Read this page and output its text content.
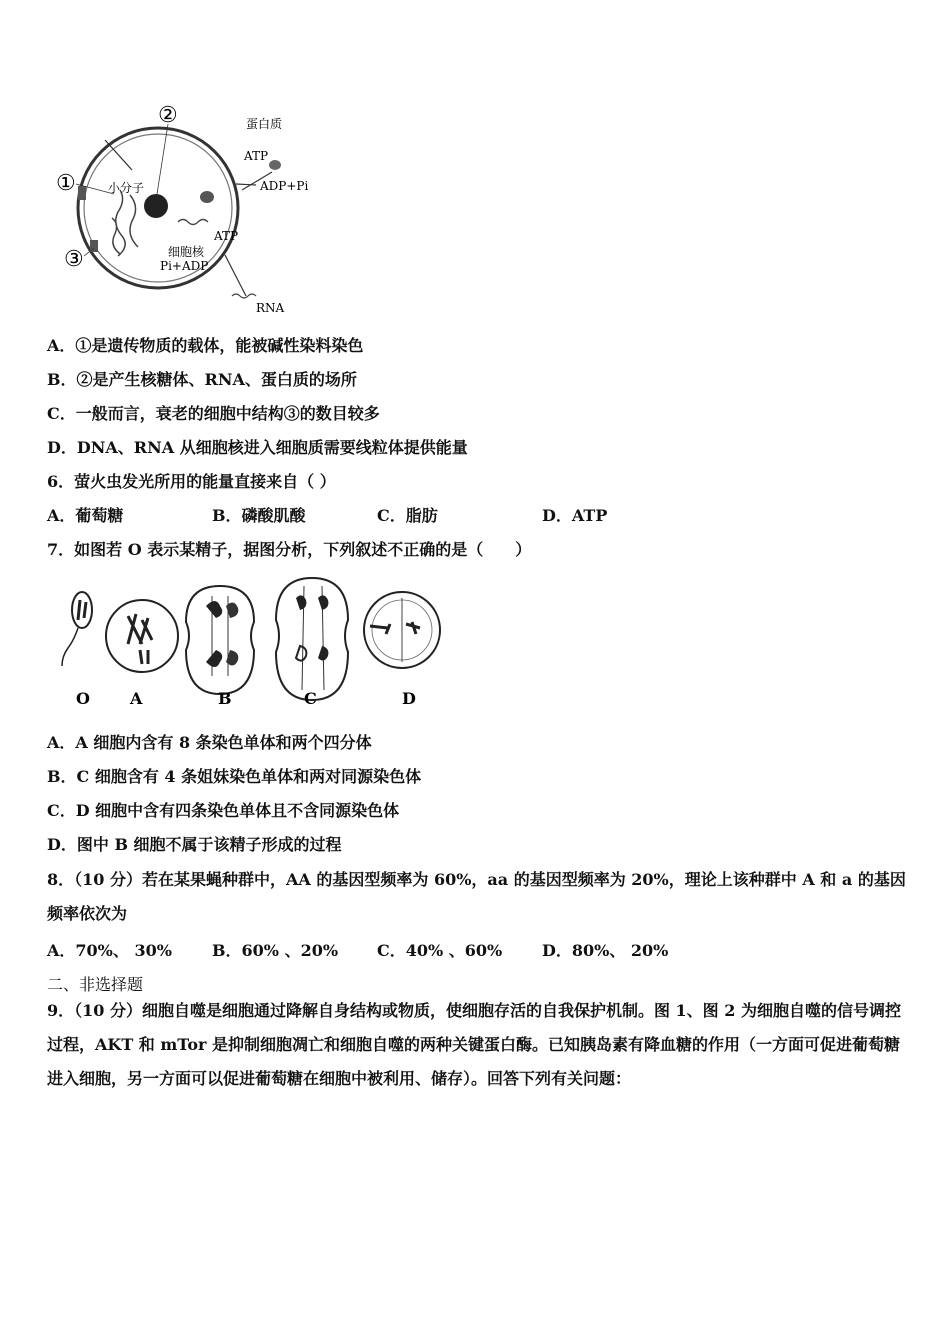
①
②
③
小分子
蛋白质
ATP
ADP+Pi
细胞核
ATP
Pi+ADP
RNA
A．①是遗传物质的载体，能被碱性染料染色
B．②是产生核糖体、RNA、蛋白质的场所
C．一般而言，衰老的细胞中结构③的数目较多
D．DNA、RNA 从细胞核进入细胞质需要线粒体提供能量
6．萤火虫发光所用的能量直接来自（ ）
A．葡萄糖	B．磷酸肌酸	C．脂肪	D．ATP
7．如图若 O 表示某精子，据图分析，下列叙述不正确的是（　　）
O	A	B	C	D
A．A 细胞内含有 8 条染色单体和两个四分体
B．C 细胞含有 4 条姐妹染色单体和两对同源染色体
C．D 细胞中含有四条染色单体且不含同源染色体
D．图中 B 细胞不属于该精子形成的过程
8．（10 分）若在某果蝇种群中，AA 的基因型频率为 60%，aa 的基因型频率为 20%，理论上该种群中 A 和 a 的基因频率依次为
A．70%、 30%	B．60% 、20% C．40% 、60% D．80%、 20%
二、非选择题
9．（10 分）细胞自噬是细胞通过降解自身结构或物质，使细胞存活的自我保护机制。图 1、图 2 为细胞自噬的信号调控过程，AKT 和 mTor 是抑制细胞凋亡和细胞自噬的两种关键蛋白酶。已知胰岛素有降血糖的作用（一方面可促进葡萄糖进入细胞，另一方面可以促进葡萄糖在细胞中被利用、储存）。回答下列有关问题：
